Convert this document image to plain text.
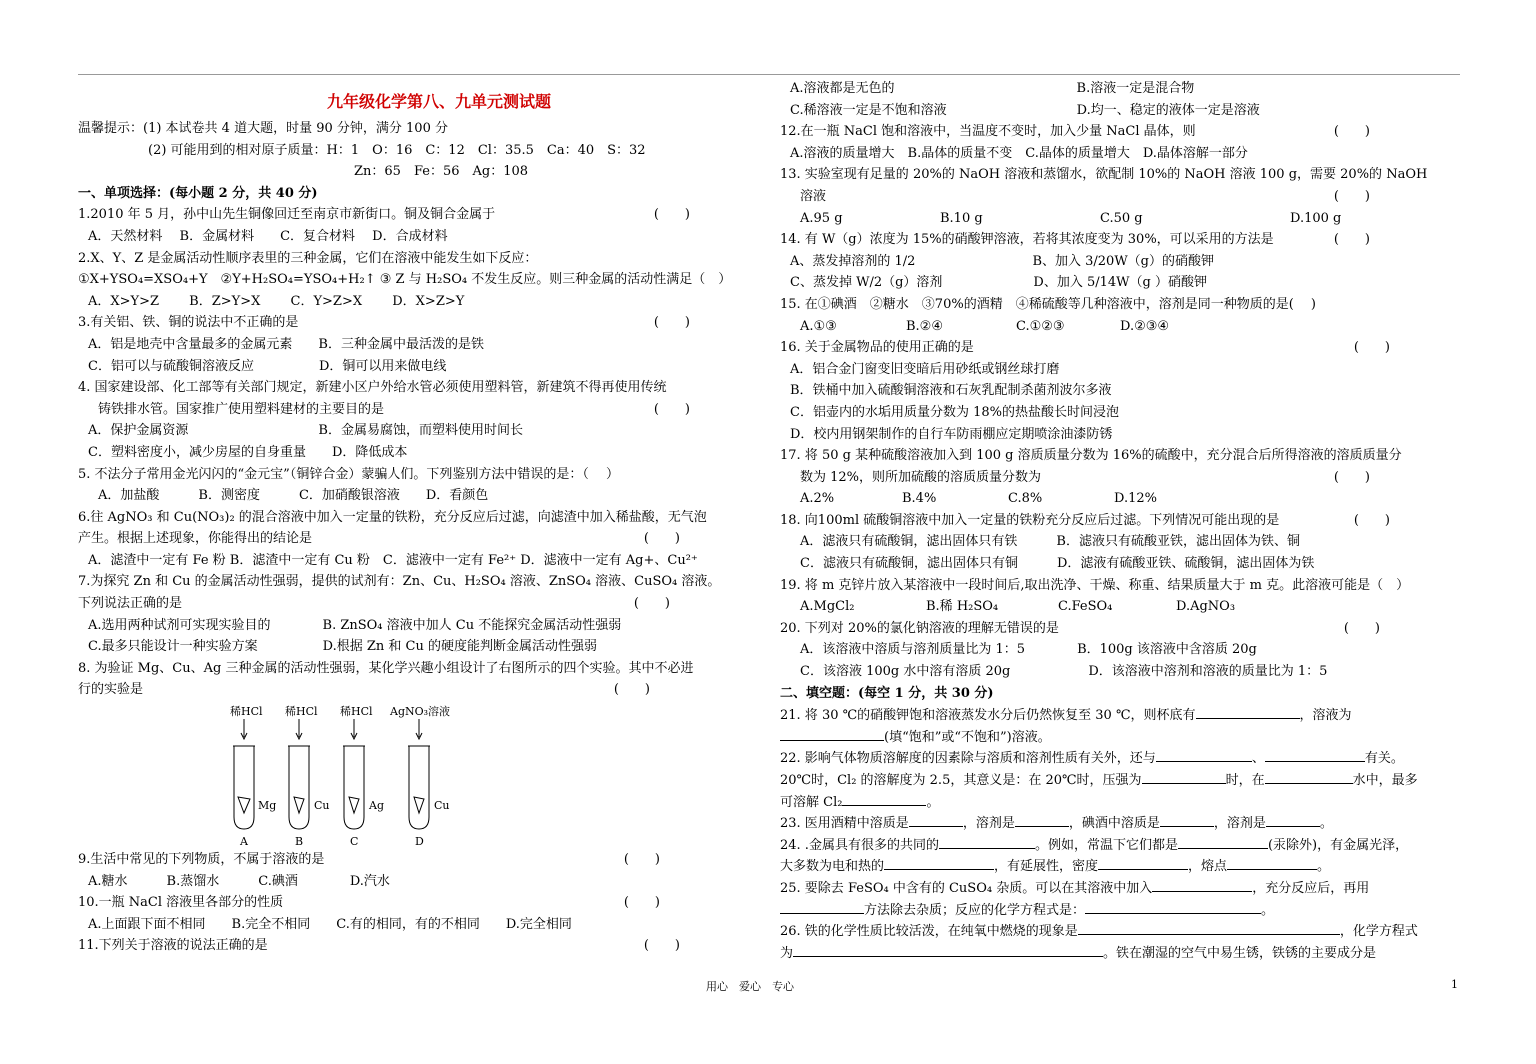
九年级化学第八、九单元测试题
温馨提示：(1) 本试卷共 4 道大题，时量 90 分钟，满分 100 分
(2) 可能用到的相对原子质量：H：1　O：16　C：12　Cl：35.5　Ca：40　S：32
Zn：65　Fe：56　Ag：108
一、单项选择：(每小题 2 分，共 40 分)
1.2010 年 5 月，孙中山先生铜像回迁至南京市新街口。铜及铜合金属于	(　　)
A．天然材料　 B．金属材料　　C．复合材料　 D．合成材料
2.X、Y、Z 是金属活动性顺序表里的三种金属，它们在溶液中能发生如下反应：
①X+YSO₄=XSO₄+Y　②Y+H₂SO₄=YSO₄+H₂↑ ③ Z 与 H₂SO₄ 不发生反应。则三种金属的活动性满足（　）
A．X>Y>Z　　 B．Z>Y>X　　 C．Y>Z>X　　 D．X>Z>Y
3.有关铝、铁、铜的说法中不正确的是	(　　)
A．铝是地壳中含量最多的金属元素　　B．三种金属中最活泼的是铁
C．铝可以与硫酸铜溶液反应　　　　　D．铜可以用来做电线
4. 国家建设部、化工部等有关部门规定，新建小区户外给水管必须使用塑料管，新建筑不得再使用传统
铸铁排水管。国家推广使用塑料建材的主要目的是	(　　)
A．保护金属资源　　　　　　　　　　B．金属易腐蚀，而塑料使用时间长
C．塑料密度小，减少房屋的自身重量　　D．降低成本
5. 不法分子常用金光闪闪的“金元宝”（铜锌合金）蒙骗人们。下列鉴别方法中错误的是：（　 ）
A．加盐酸　　　B．测密度　　　C．加硝酸银溶液　　D．看颜色
6.往 AgNO₃ 和 Cu(NO₃)₂ 的混合溶液中加入一定量的铁粉，充分反应后过滤，向滤渣中加入稀盐酸，无气泡
产生。根据上述现象，你能得出的结论是	(　　)
A．滤渣中一定有 Fe 粉 B．滤渣中一定有 Cu 粉　C．滤液中一定有 Fe²⁺ D．滤液中一定有 Ag+、Cu²⁺
7.为探究 Zn 和 Cu 的金属活动性强弱，提供的试剂有：Zn、Cu、H₂SO₄ 溶液、ZnSO₄ 溶液、CuSO₄ 溶液。
下列说法正确的是	(　　)
A.选用两种试剂可实现实验目的　　　　B. ZnSO₄ 溶液中加人 Cu 不能探究金属活动性强弱
C.最多只能设计一种实验方案　　　　　D.根据 Zn 和 Cu 的硬度能判断金属活动性强弱
8. 为验证 Mg、Cu、Ag 三种金属的活动性强弱，某化学兴趣小组设计了右图所示的四个实验。其中不必进
行的实验是	(　　)
稀HCl 稀HCl 稀HCl AgNO₃溶液
Mg	Cu	Ag	Cu
A	B	C	D
9.生活中常见的下列物质，不属于溶液的是	(　　)
A.糖水　　　B.蒸馏水　　　C.碘酒　　　　D.汽水
10.一瓶 NaCl 溶液里各部分的性质	(　　)
A.上面跟下面不相同　　B.完全不相同　　C.有的相同，有的不相同　　D.完全相同
11.下列关于溶液的说法正确的是	(　　)
A.溶液都是无色的　　　　　　　　　　　　　　B.溶液一定是混合物
C.稀溶液一定是不饱和溶液　　　　　　　　　　D.均一、稳定的液体一定是溶液
12.在一瓶 NaCl 饱和溶液中，当温度不变时，加入少量 NaCl 晶体，则	(　　)
A.溶液的质量增大　B.晶体的质量不变　C.晶体的质量增大　D.晶体溶解一部分
13. 实验室现有足量的 20%的 NaOH 溶液和蒸馏水，欲配制 10%的 NaOH 溶液 100 g，需要 20%的 NaOH
溶液	(　　)
A.95 g	B.10 g	C.50 g	D.100 g
14. 有 W（g）浓度为 15%的硝酸钾溶液，若将其浓度变为 30%，可以采用的方法是	(　　)
A、蒸发掉溶剂的 1/2　　　　　　　　　B、加入 3/20W（g）的硝酸钾
C、蒸发掉 W/2（g）溶剂　　　　　　　D、加入 5/14W（g ）硝酸钾
15. 在①碘酒　②糖水　③70%的酒精　④稀硫酸等几种溶液中，溶剂是同一种物质的是(　 )
A.①③	B.②④	C.①②③	D.②③④
16. 关于金属物品的使用正确的是	(　　)
A．铝合金门窗变旧变暗后用砂纸或钢丝球打磨
B．铁桶中加入硫酸铜溶液和石灰乳配制杀菌剂波尔多液
C．铝壶内的水垢用质量分数为 18%的热盐酸长时间浸泡
D．校内用钢架制作的自行车防雨棚应定期喷涂油漆防锈
17. 将 50 g 某种硫酸溶液加入到 100 g 溶质质量分数为 16%的硫酸中，充分混合后所得溶液的溶质质量分
数为 12%，则所加硫酸的溶质质量分数为	(　　)
A.2%	B.4%	C.8%	D.12%
18. 向100ml 硫酸铜溶液中加入一定量的铁粉充分反应后过滤。下列情况可能出现的是	(　　)
A．滤液只有硫酸铜，滤出固体只有铁　　　B．滤液只有硫酸亚铁，滤出固体为铁、铜
C．滤液只有硫酸铜，滤出固体只有铜　　　D．滤液有硫酸亚铁、硫酸铜，滤出固体为铁
19. 将 m 克锌片放入某溶液中一段时间后,取出洗净、干燥、称重、结果质量大于 m 克。此溶液可能是（　）
A.MgCl₂	B.稀 H₂SO₄	C.FeSO₄	D.AgNO₃
20. 下列对 20%的氯化钠溶液的理解无错误的是	(　　)
A．该溶液中溶质与溶剂质量比为 1：5　　　　B．100g 该溶液中含溶质 20g
C．该溶液 100g 水中溶有溶质 20g　　　　　　D．该溶液中溶剂和溶液的质量比为 1：5
二、填空题：(每空 1 分，共 30 分)
21. 将 30 ℃的硝酸钾饱和溶液蒸发水分后仍然恢复至 30 ℃，则杯底有	，溶液为
(填“饱和”或“不饱和”)溶液。
22. 影响气体物质溶解度的因素除与溶质和溶剂性质有关外，还与	、	有关。
20℃时，Cl₂ 的溶解度为 2.5，其意义是：在 20℃时，压强为	时，在	水中，最多
可溶解 Cl₂	。
23. 医用酒精中溶质是	，溶剂是	，碘酒中溶质是	，溶剂是	。
24. .金属具有很多的共同的	。例如，常温下它们都是	(汞除外)，有金属光泽，
大多数为电和热的	，有延展性，密度	，熔点	。
25. 要除去 FeSO₄ 中含有的 CuSO₄ 杂质。可以在其溶液中加入	，充分反应后，再用
方法除去杂质；反应的化学方程式是：	。
26. 铁的化学性质比较活泼，在纯氧中燃烧的现象是	，化学方程式
为	。铁在潮湿的空气中易生锈，铁锈的主要成分是
用心　爱心　专心	1
